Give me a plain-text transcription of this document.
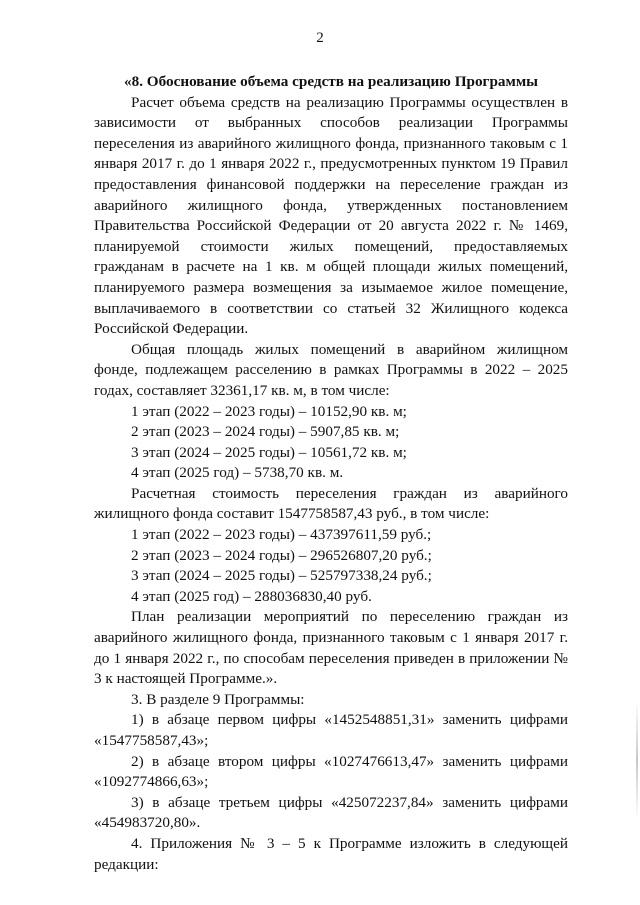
2

«8. Обоснование объема средств на реализацию Программы

Расчет объема средств на реализацию Программы осуществлен в зависимости от выбранных способов реализации Программы переселения из аварийного жилищного фонда, признанного таковым с 1 января 2017 г. до 1 января 2022 г., предусмотренных пунктом 19 Правил предоставления финансовой поддержки на переселение граждан из аварийного жилищного фонда, утвержденных постановлением Правительства Российской Федерации от 20 августа 2022 г. № 1469, планируемой стоимости жилых помещений, предоставляемых гражданам в расчете на 1 кв. м общей площади жилых помещений, планируемого размера возмещения за изымаемое жилое помещение, выплачиваемого в соответствии со статьей 32 Жилищного кодекса Российской Федерации.

Общая площадь жилых помещений в аварийном жилищном фонде, подлежащем расселению в рамках Программы в 2022 – 2025 годах, составляет 32361,17 кв. м, в том числе:

1 этап (2022 – 2023 годы) – 10152,90 кв. м;

2 этап (2023 – 2024 годы) – 5907,85 кв. м;

3 этап (2024 – 2025 годы) – 10561,72 кв. м;

4 этап (2025 год) – 5738,70 кв. м.

Расчетная стоимость переселения граждан из аварийного жилищного фонда составит 1547758587,43 руб., в том числе:

1 этап (2022 – 2023 годы) – 437397611,59 руб.;

2 этап (2023 – 2024 годы) – 296526807,20 руб.;

3 этап (2024 – 2025 годы) – 525797338,24 руб.;

4 этап (2025 год) – 288036830,40 руб.

План реализации мероприятий по переселению граждан из аварийного жилищного фонда, признанного таковым с 1 января 2017 г. до 1 января 2022 г., по способам переселения приведен в приложении № 3 к настоящей Программе.».

3. В разделе 9 Программы:

1) в абзаце первом цифры «1452548851,31» заменить цифрами «1547758587,43»;

2) в абзаце втором цифры «1027476613,47» заменить цифрами «1092774866,63»;

3) в абзаце третьем цифры «425072237,84» заменить цифрами «454983720,80».

4. Приложения № 3 – 5 к Программе изложить в следующей редакции:
